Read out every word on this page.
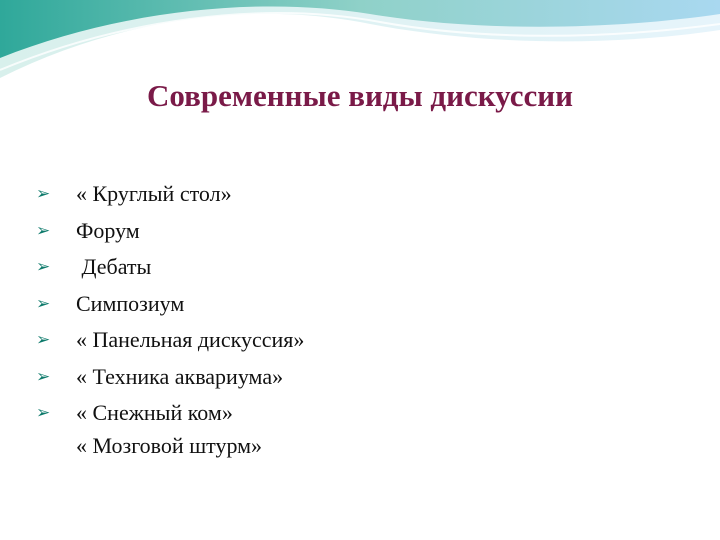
Современные виды дискуссии
➢ « Круглый стол»
➢ Форум
➢ Дебаты
➢ Симпозиум
➢ « Панельная дискуссия»
➢ « Техника аквариума»
➢ « Снежный ком»
« Мозговой штурм»
